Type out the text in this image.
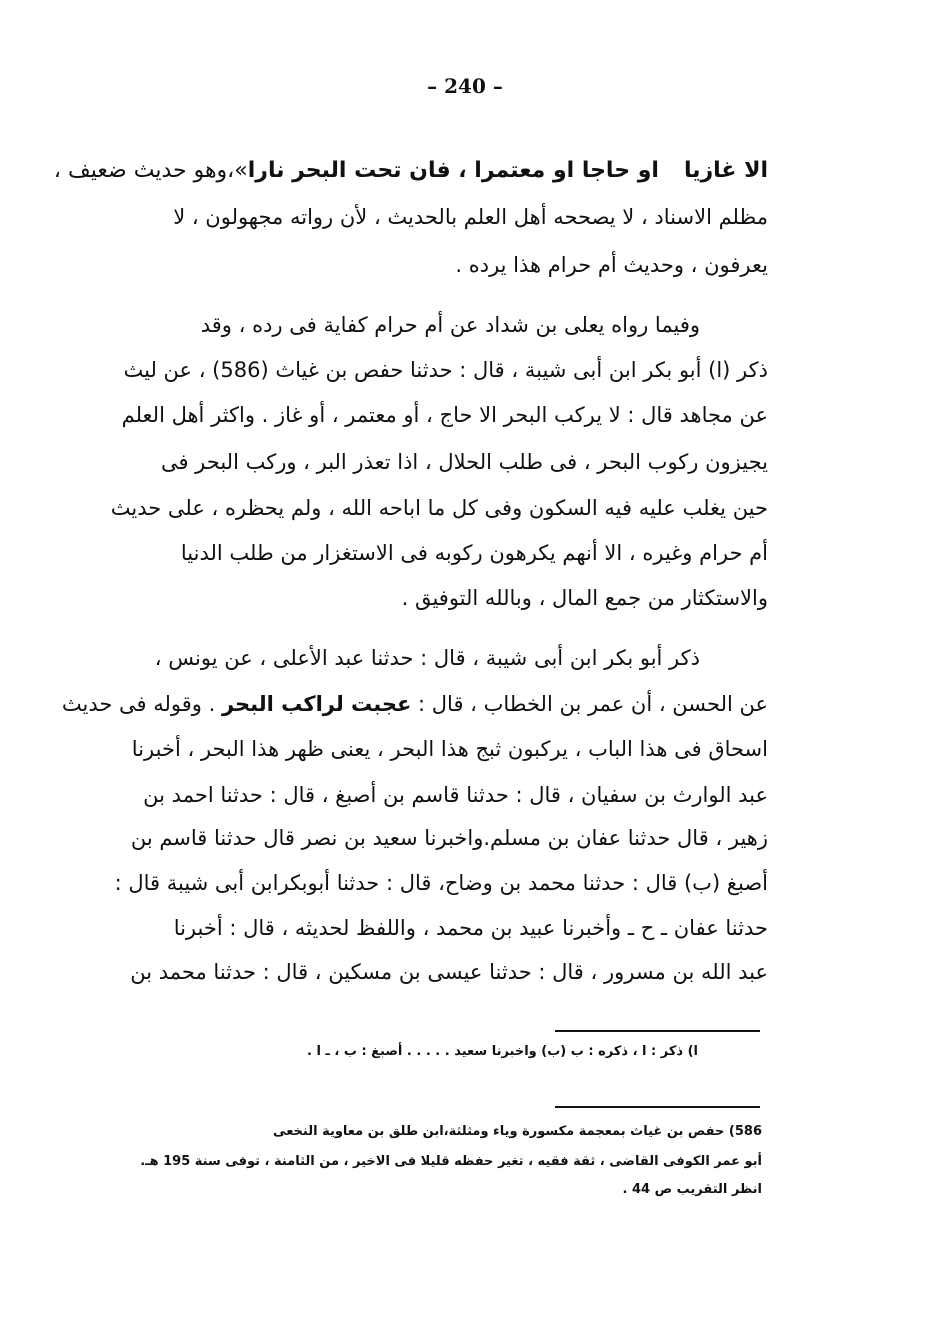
– 240 –
الا غازيا او حاجا او معتمرا ، فان تحت البحر نارا»،وهو حديث ضعيف ،
مظلم الاسناد ، لا يصححه أهل العلم بالحديث ، لأن رواته مجهولون ، لا
يعرفون ، وحديث أم حرام هذا يرده .
وفيما رواه يعلى بن شداد عن أم حرام كفاية فى رده ، وقد
ذكر (ا) أبو بكر ابن أبى شيبة ، قال : حدثنا حفص بن غياث (586) ، عن ليث
عن مجاهد قال : لا يركب البحر الا حاج ، أو معتمر ، أو غاز . واكثر أهل العلم
يجيزون ركوب البحر ، فى طلب الحلال ، اذا تعذر البر ، وركب البحر فى
حين يغلب عليه فيه السكون وفى كل ما اباحه الله ، ولم يحظره ، على حديث
أم حرام وغيره ، الا أنهم يكرهون ركوبه فى الاستغزار من طلب الدنيا
والاستكثار من جمع المال ، وبالله التوفيق .
ذكر أبو بكر ابن أبى شيبة ، قال : حدثنا عبد الأعلى ، عن يونس ،
عن الحسن ، أن عمر بن الخطاب ، قال : عجبت لراكب البحر . وقوله فى حديث
اسحاق فى هذا الباب ، يركبون ثبج هذا البحر ، يعنى ظهر هذا البحر ، أخبرنا
عبد الوارث بن سفيان ، قال : حدثنا قاسم بن أصبغ ، قال : حدثنا احمد بن
زهير ، قال حدثنا عفان بن مسلم.واخبرنا سعيد بن نصر قال حدثنا قاسم بن
أصبغ (ب) قال : حدثنا محمد بن وضاح، قال : حدثنا أبوبكرابن أبى شيبة قال :
حدثنا عفان ـ ح ـ وأخبرنا عبيد بن محمد ، واللفظ لحديثه ، قال : أخبرنا
عبد الله بن مسرور ، قال : حدثنا عيسى بن مسكين ، قال : حدثنا محمد بن
ا) ذكر : ا ، ذكره : ب (ب) واخبرنا سعيد . . . . . أصبغ : ب ، ـ ا .
586) حفص بن غياث بمعجمة مكسورة وياء ومثلثة،ابن طلق بن معاوية النخعى
أبو عمر الكوفى القاضى ، ثقة فقيه ، تغير حفظه قليلا فى الاخير ، من الثامنة ، توفى سنة 195 هـ.
انظر التقريب ص 44 .
